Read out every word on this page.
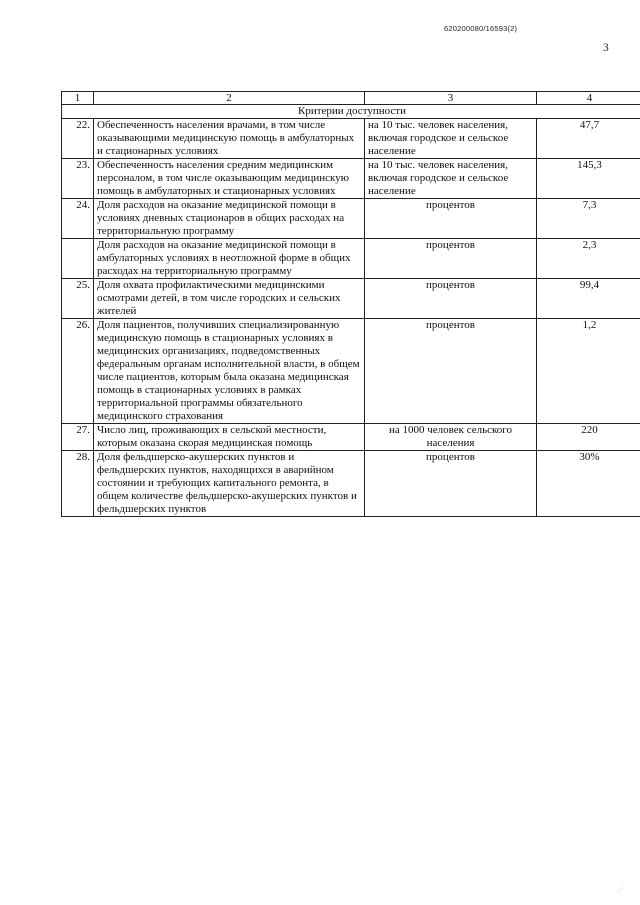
620200080/16593(2)
3
1	2	3	4
Критерии доступности			
22.	Обеспеченность населения врачами, в том числе оказывающими медицинскую помощь в амбулаторных и стационарных условиях	на 10 тыс. человек населения, включая городское и сельское население	47,7
23.	Обеспеченность населения средним медицинским персоналом, в том числе оказывающим медицинскую помощь в амбулаторных и стационарных условиях	на 10 тыс. человек населения, включая городское и сельское население	145,3
24.	Доля расходов на оказание медицинской помощи в условиях дневных стационаров в общих расходах на территориальную программу	процентов	7,3
	Доля расходов на оказание медицинской помощи в амбулаторных условиях в неотложной форме в общих расходах на территориальную программу	процентов	2,3
25.	Доля охвата профилактическими медицинскими осмотрами детей, в том числе городских и сельских жителей	процентов	99,4
26.	Доля пациентов, получивших специализированную медицинскую помощь в стационарных условиях в медицинских организациях, подведомственных федеральным органам исполнительной власти, в общем числе пациентов, которым была оказана медицинская помощь в стационарных условиях в рамках территориальной программы обязательного медицинского страхования	процентов	1,2
27.	Число лиц, проживающих в сельской местности, которым оказана скорая медицинская помощь	на 1000 человек сельского населения	220
28.	Доля фельдшерско-акушерских пунктов и фельдшерских пунктов, находящихся в аварийном состоянии и требующих капитального ремонта, в общем количестве фельдшерско-акушерских пунктов и фельдшерских пунктов	процентов	30%
· ˈ
